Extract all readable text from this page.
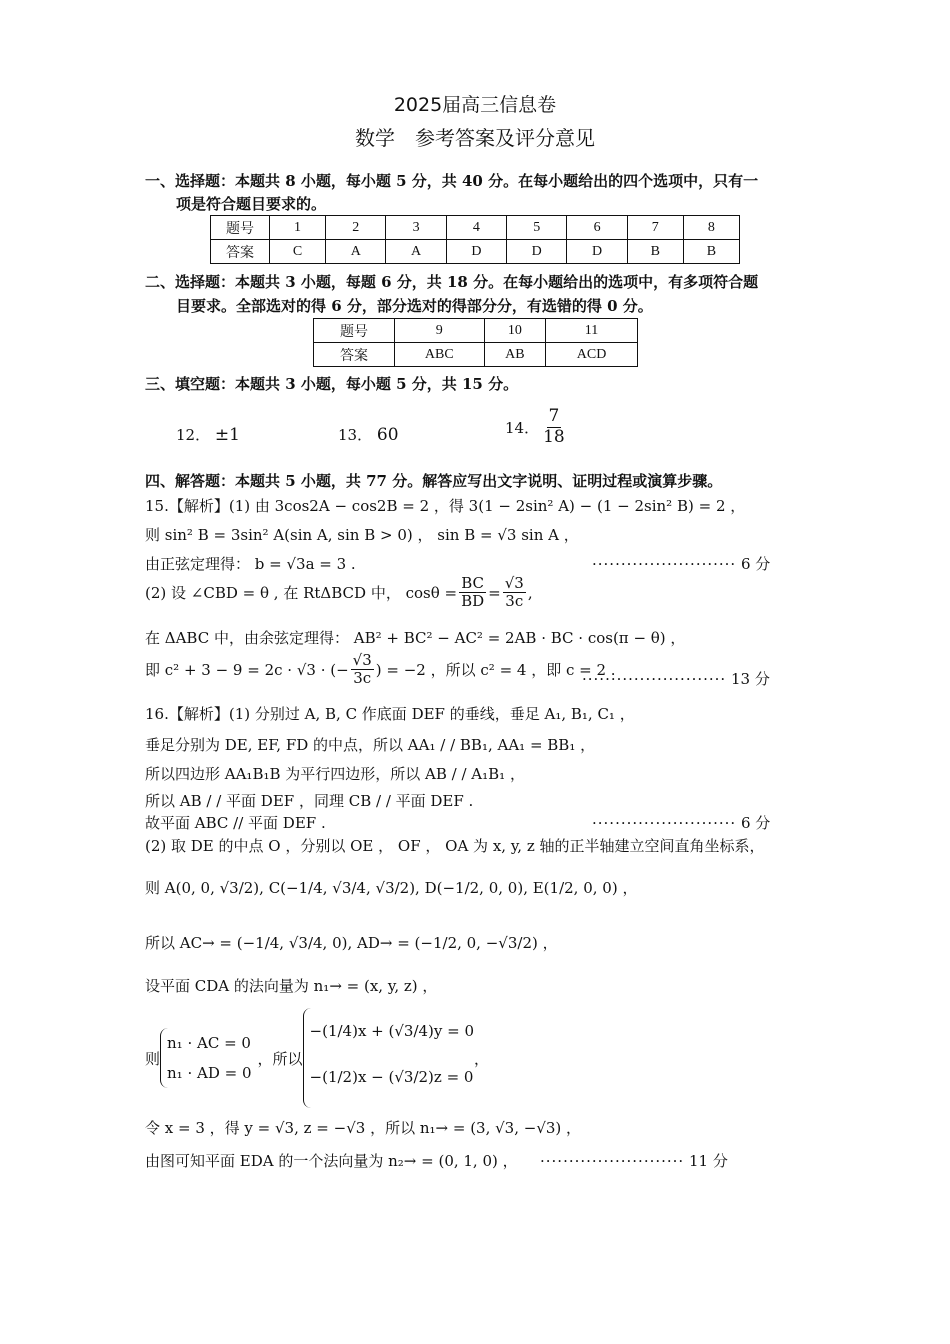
2025届高三信息卷
数学　参考答案及评分意见
一、选择题：本题共 8 小题，每小题 5 分，共 40 分。在每小题给出的四个选项中，只有一
项是符合题目要求的。
题号	1	2	3	4	5	6	7	8
答案	C	A	A	D	D	D	B	B
二、选择题：本题共 3 小题，每题 6 分，共 18 分。在每小题给出的选项中，有多项符合题
目要求。全部选对的得 6 分，部分选对的得部分分，有选错的得 0 分。
题号	9	10	11
答案	ABC	AB	ACD
三、填空题：本题共 3 小题，每小题 5 分，共 15 分。
12． ±1	13． 60	14． $\frac{7}{18}$
四、解答题：本题共 5 小题，共 77 分。解答应写出文字说明、证明过程或演算步骤。
15.【解析】(1) 由 3cos2A − cos2B = 2 ，得 3(1 − 2sin² A) − (1 − 2sin² B) = 2 ，
则 sin² B = 3sin² A(sin A, sin B > 0) ， sin B = √3 sin A ，
由正弦定理得： b = √3a = 3 .	························· 6 分
(2) 设 ∠CBD = θ , 在 RtΔBCD 中， $\cos\theta = \frac{BC}{BD} = \frac{√3}{3c}$ ,
在 ΔABC 中，由余弦定理得： AB² + BC² − AC² = 2AB · BC · cos(π − θ) ，
即 c² + 3 − 9 = 2c · √3 · (− $\frac{√3}{3c}$ ) = −2 ，所以 c² = 4 ，即 c = 2 .
························· 13 分
16.【解析】(1) 分别过 A, B, C 作底面 DEF 的垂线，垂足 A₁, B₁, C₁ ，
垂足分别为 DE, EF, FD 的中点，所以 AA₁ / / BB₁, AA₁ = BB₁ ，
所以四边形 AA₁B₁B 为平行四边形，所以 AB / / A₁B₁ ，
所以 AB / / 平面 DEF ，同理 CB / / 平面 DEF .
故平面 ABC // 平面 DEF .	························· 6 分
(2) 取 DE 的中点 O ，分别以 OE ， OF ， OA 为 x, y, z 轴的正半轴建立空间直角坐标系，
则 A(0, 0, √3/2), C(−1/4, √3/4, √3/2), D(−1/2, 0, 0), E(1/2, 0, 0) ，
所以 AC→ = (−1/4, √3/4, 0), AD→ = (−1/2, 0, −√3/2) ，
设平面 CDA 的法向量为 n₁→ = (x, y, z) ，
则
n₁ · AC = 0
n₁ · AD = 0
，所以
−(1/4)x + (√3/4)y = 0
−(1/2)x − (√3/2)z = 0
，
令 x = 3 ，得 y = √3, z = −√3 ，所以 n₁→ = (3, √3, −√3) ，
由图可知平面 EDA 的一个法向量为 n₂→ = (0, 1, 0) ， ························· 11 分
